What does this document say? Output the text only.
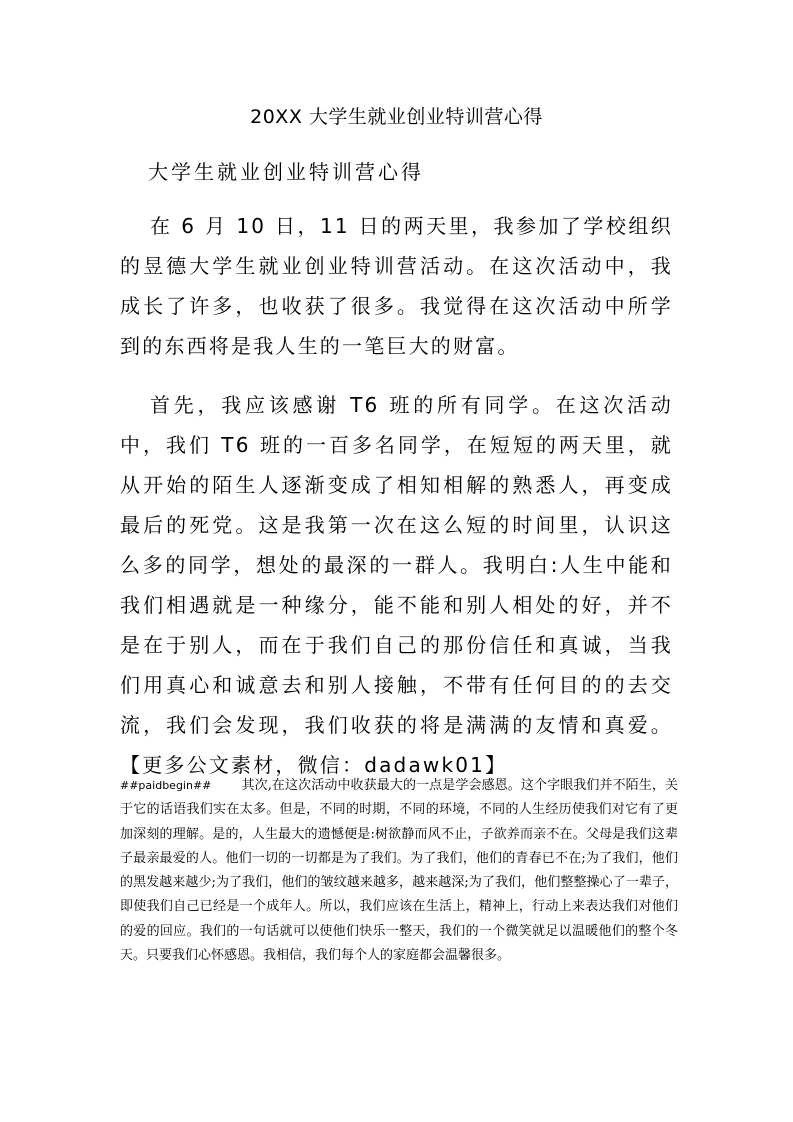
20XX 大学生就业创业特训营心得
大学生就业创业特训营心得

在 6 月 10 日，11 日的两天里，我参加了学校组织的昱德大学生就业创业特训营活动。在这次活动中，我成长了许多，也收获了很多。我觉得在这次活动中所学到的东西将是我人生的一笔巨大的财富。

首先，我应该感谢 T6 班的所有同学。在这次活动中，我们 T6 班的一百多名同学，在短短的两天里，就从开始的陌生人逐渐变成了相知相解的熟悉人，再变成最后的死党。这是我第一次在这么短的时间里，认识这么多的同学，想处的最深的一群人。我明白:人生中能和我们相遇就是一种缘分，能不能和别人相处的好，并不是在于别人，而在于我们自己的那份信任和真诚，当我们用真心和诚意去和别人接触，不带有任何目的的去交流，我们会发现，我们收获的将是满满的友情和真爱。 【更多公文素材，微信：dadawk01】

##paidbegin## 其次,在这次活动中收获最大的一点是学会感恩。这个字眼我们并不陌生，关于它的话语我们实在太多。但是，不同的时期，不同的环境，不同的人生经历使我们对它有了更加深刻的理解。是的，人生最大的遗憾便是:树欲静而风不止，子欲养而亲不在。父母是我们这辈子最亲最爱的人。他们一切的一切都是为了我们。为了我们，他们的青春已不在;为了我们，他们的黑发越来越少;为了我们，他们的皱纹越来越多，越来越深;为了我们，他们整整操心了一辈子，即使我们自己已经是一个成年人。所以，我们应该在生活上，精神上，行动上来表达我们对他们的爱的回应。我们的一句话就可以使他们快乐一整天，我们的一个微笑就足以温暖他们的整个冬天。只要我们心怀感恩。我相信，我们每个人的家庭都会温馨很多。
